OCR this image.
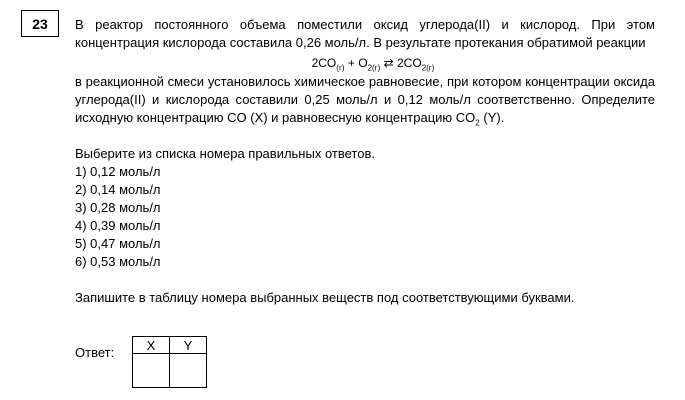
23 В реактор постоянного объема поместили оксид углерода(II) и кислород. При этом концентрация кислорода составила 0,26 моль/л. В результате протекания обратимой реакции
$2CO_{(г)} + O_{2(г)}$ ⇄ $2CO_{2(г)}$
в реакционной смеси установилось химическое равновесие, при котором концентрации оксида углерода(II) и кислорода составили 0,25 моль/л и 0,12 моль/л соответственно. Определите исходную концентрацию CO (X) и равновесную концентрацию $CO_2$ (Y).
Выберите из списка номера правильных ответов.
1) 0,12 моль/л
2) 0,14 моль/л
3) 0,28 моль/л
4) 0,39 моль/л
5) 0,47 моль/л
6) 0,53 моль/л
Запишите в таблицу номера выбранных веществ под соответствующими буквами.
Ответ: X	Y
